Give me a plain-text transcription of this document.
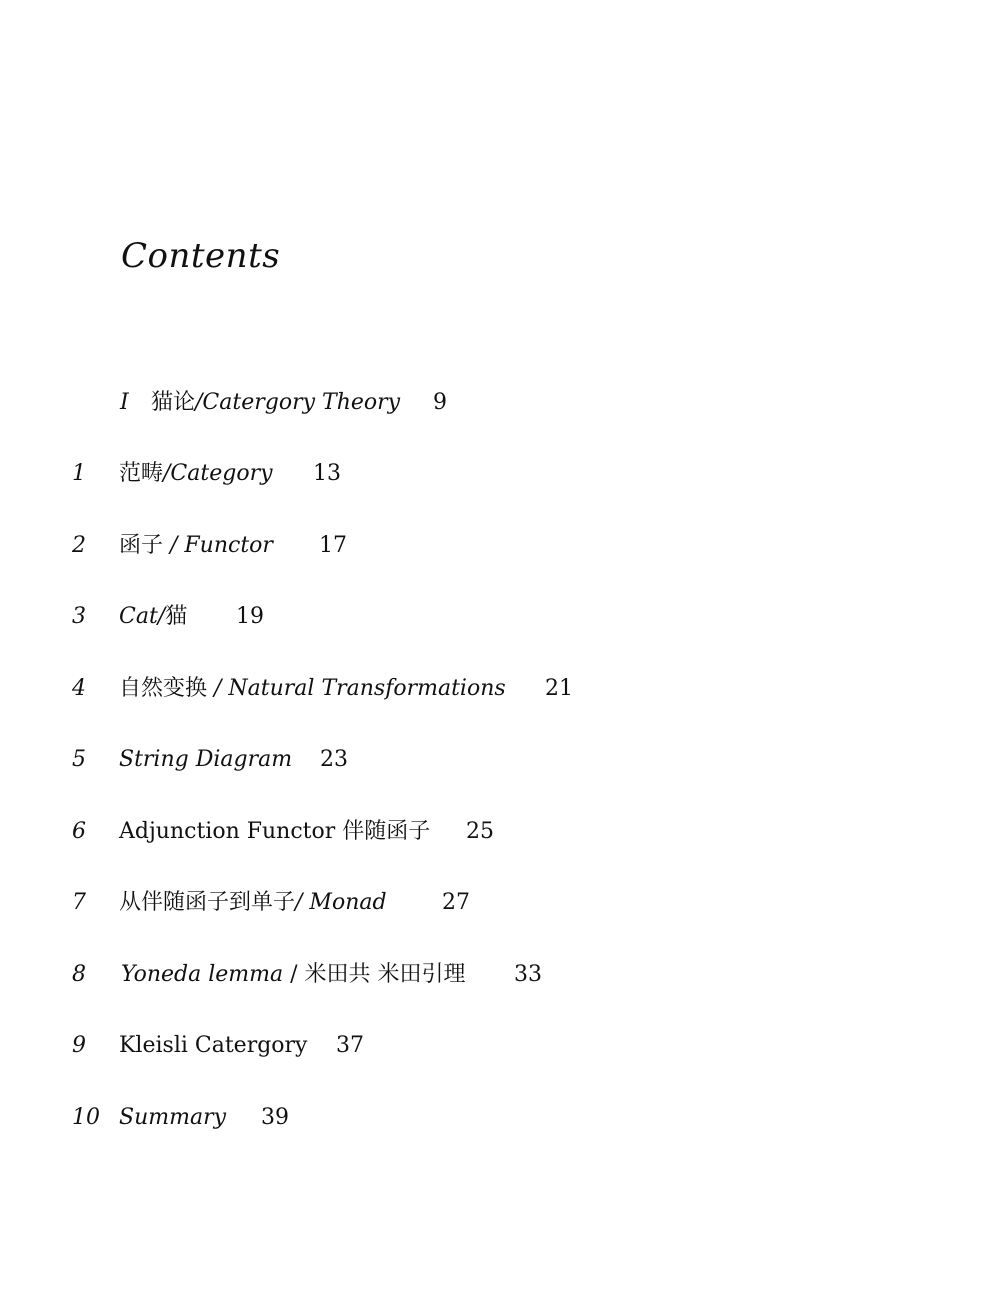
Contents
I 猫论/Catergory Theory 9
1 范畴/Category 13
2 函子 / Functor 17
3 Cat/猫 19
4 自然变换 / Natural Transformations 21
5 String Diagram 23
6 Adjunction Functor 伴随函子 25
7 从伴随函子到单子/ Monad	27
8 Yoneda lemma / 米田共 米田引理 33
9 Kleisli Catergory 37
10 Summary 39
